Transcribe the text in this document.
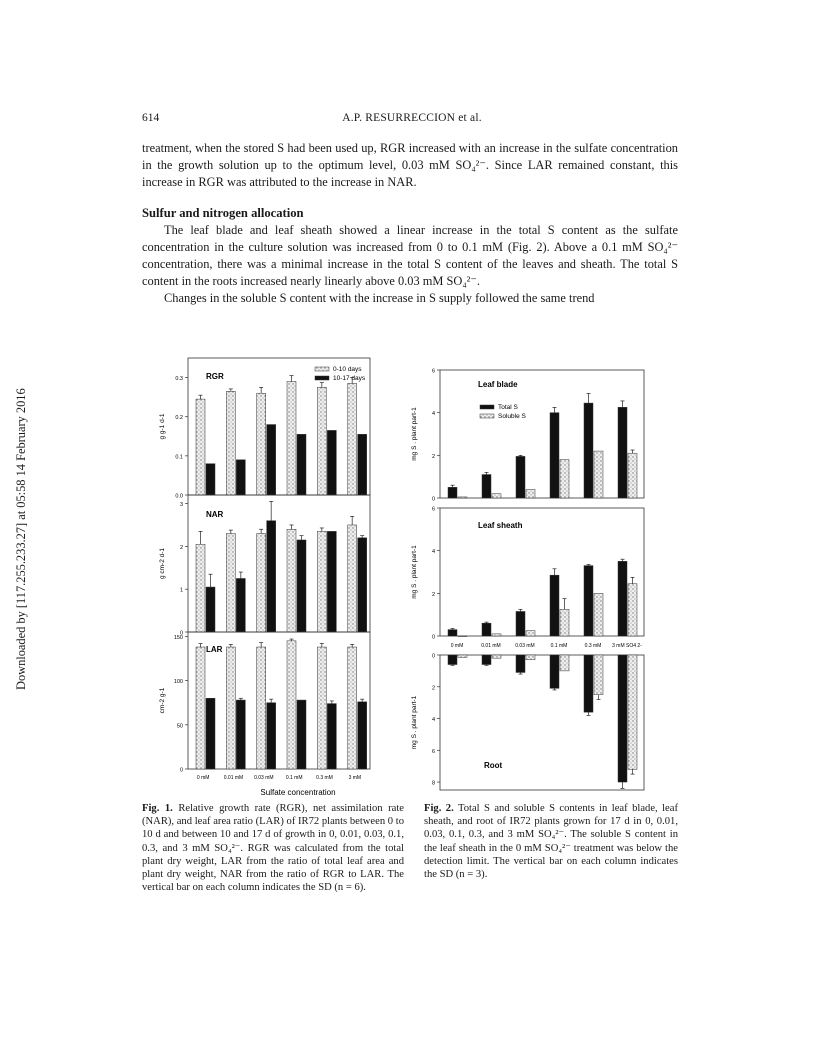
614	A.P. RESURRECCION et al.
Downloaded by [117.255.233.27] at 05:58 14 February 2016

treatment, when the stored S had been used up, RGR increased with an increase in the sulfate concentration in the growth solution up to the optimum level, 0.03 mM SO₄²⁻. Since LAR remained constant, this increase in RGR was attributed to the increase in NAR.

Sulfur and nitrogen allocation

The leaf blade and leaf sheath showed a linear increase in the total S content as the sulfate concentration in the culture solution was increased from 0 to 0.1 mM (Fig. 2). Above a 0.1 mM SO₄²⁻ concentration, there was a minimal increase in the total S content of the leaves and sheath. The total S content in the roots increased nearly linearly above 0.03 mM SO₄²⁻.

Changes in the soluble S content with the increase in S supply followed the same trend

0.0
0.1
0.2
0.3
g g-1 d-1
RGR
0-10 days
10-17 days
0
1
2
3
g cm-2 d-1
NAR
0
50
100
150
cm-2 g-1
LAR
0 mM	0.01 mM 0.03 mM 0.1 mM	0.3 mM	3 mM
Sulfate concentration
0
2
4
6
mg S . plant part-1
Leaf blade
Total S
Soluble S
0
2
4
6
mg S . plant part-1
Leaf sheath
0 mM	0.01 mM	0.03 mM	0.1 mM	0.3 mM 3 mM SO4 2-
0
2
4
6
8
mg S . plant part-1
Root
Fig. 1. Relative growth rate (RGR), net assimilation rate (NAR), and leaf area ratio (LAR) of IR72 plants between 0 to 10 d and between 10 and 17 d of growth in 0, 0.01, 0.03, 0.1, 0.3, and 3 mM SO₄²⁻. RGR was calculated from the total plant dry weight, LAR from the ratio of total leaf area and plant dry weight, NAR from the ratio of RGR to LAR. The vertical bar on each column indicates the SD (n = 6).
Fig. 2. Total S and soluble S contents in leaf blade, leaf sheath, and root of IR72 plants grown for 17 d in 0, 0.01, 0.03, 0.1, 0.3, and 3 mM SO₄²⁻. The soluble S content in the leaf sheath in the 0 mM SO₄²⁻ treatment was below the detection limit. The vertical bar on each column indicates the SD (n = 3).
